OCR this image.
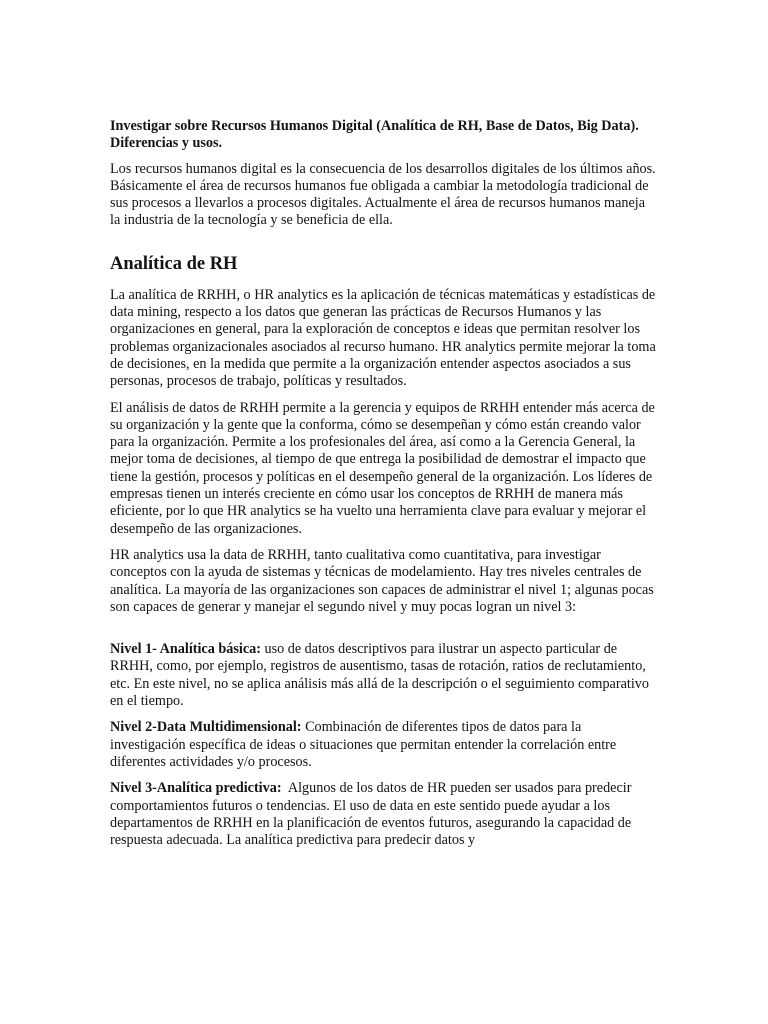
Investigar sobre Recursos Humanos Digital (Analítica de RH, Base de Datos, Big Data). Diferencias y usos.

Los recursos humanos digital es la consecuencia de los desarrollos digitales de los últimos años. Básicamente el área de recursos humanos fue obligada a cambiar la metodología tradicional de sus procesos a llevarlos a procesos digitales. Actualmente el área de recursos humanos maneja la industria de la tecnología y se beneficia de ella.

Analítica de RH

La analítica de RRHH, o HR analytics es la aplicación de técnicas matemáticas y estadísticas de data mining, respecto a los datos que generan las prácticas de Recursos Humanos y las organizaciones en general, para la exploración de conceptos e ideas que permitan resolver los problemas organizacionales asociados al recurso humano. HR analytics permite mejorar la toma de decisiones, en la medida que permite a la organización entender aspectos asociados a sus personas, procesos de trabajo, políticas y resultados.

El análisis de datos de RRHH permite a la gerencia y equipos de RRHH entender más acerca de su organización y la gente que la conforma, cómo se desempeñan y cómo están creando valor para la organización. Permite a los profesionales del área, así como a la Gerencia General, la mejor toma de decisiones, al tiempo de que entrega la posibilidad de demostrar el impacto que tiene la gestión, procesos y políticas en el desempeño general de la organización. Los líderes de empresas tienen un interés creciente en cómo usar los conceptos de RRHH de manera más eficiente, por lo que HR analytics se ha vuelto una herramienta clave para evaluar y mejorar el desempeño de las organizaciones.

HR analytics usa la data de RRHH, tanto cualitativa como cuantitativa, para investigar conceptos con la ayuda de sistemas y técnicas de modelamiento. Hay tres niveles centrales de analítica. La mayoría de las organizaciones son capaces de administrar el nivel 1; algunas pocas son capaces de generar y manejar el segundo nivel y muy pocas logran un nivel 3:

Nivel 1- Analítica básica: uso de datos descriptivos para ilustrar un aspecto particular de RRHH, como, por ejemplo, registros de ausentismo, tasas de rotación, ratios de reclutamiento, etc. En este nivel, no se aplica análisis más allá de la descripción o el seguimiento comparativo en el tiempo.

Nivel 2-Data Multidimensional: Combinación de diferentes tipos de datos para la investigación específica de ideas o situaciones que permitan entender la correlación entre diferentes actividades y/o procesos.

Nivel 3-Analítica predictiva:  Algunos de los datos de HR pueden ser usados para predecir comportamientos futuros o tendencias. El uso de data en este sentido puede ayudar a los departamentos de RRHH en la planificación de eventos futuros, asegurando la capacidad de respuesta adecuada. La analítica predictiva para predecir datos y
